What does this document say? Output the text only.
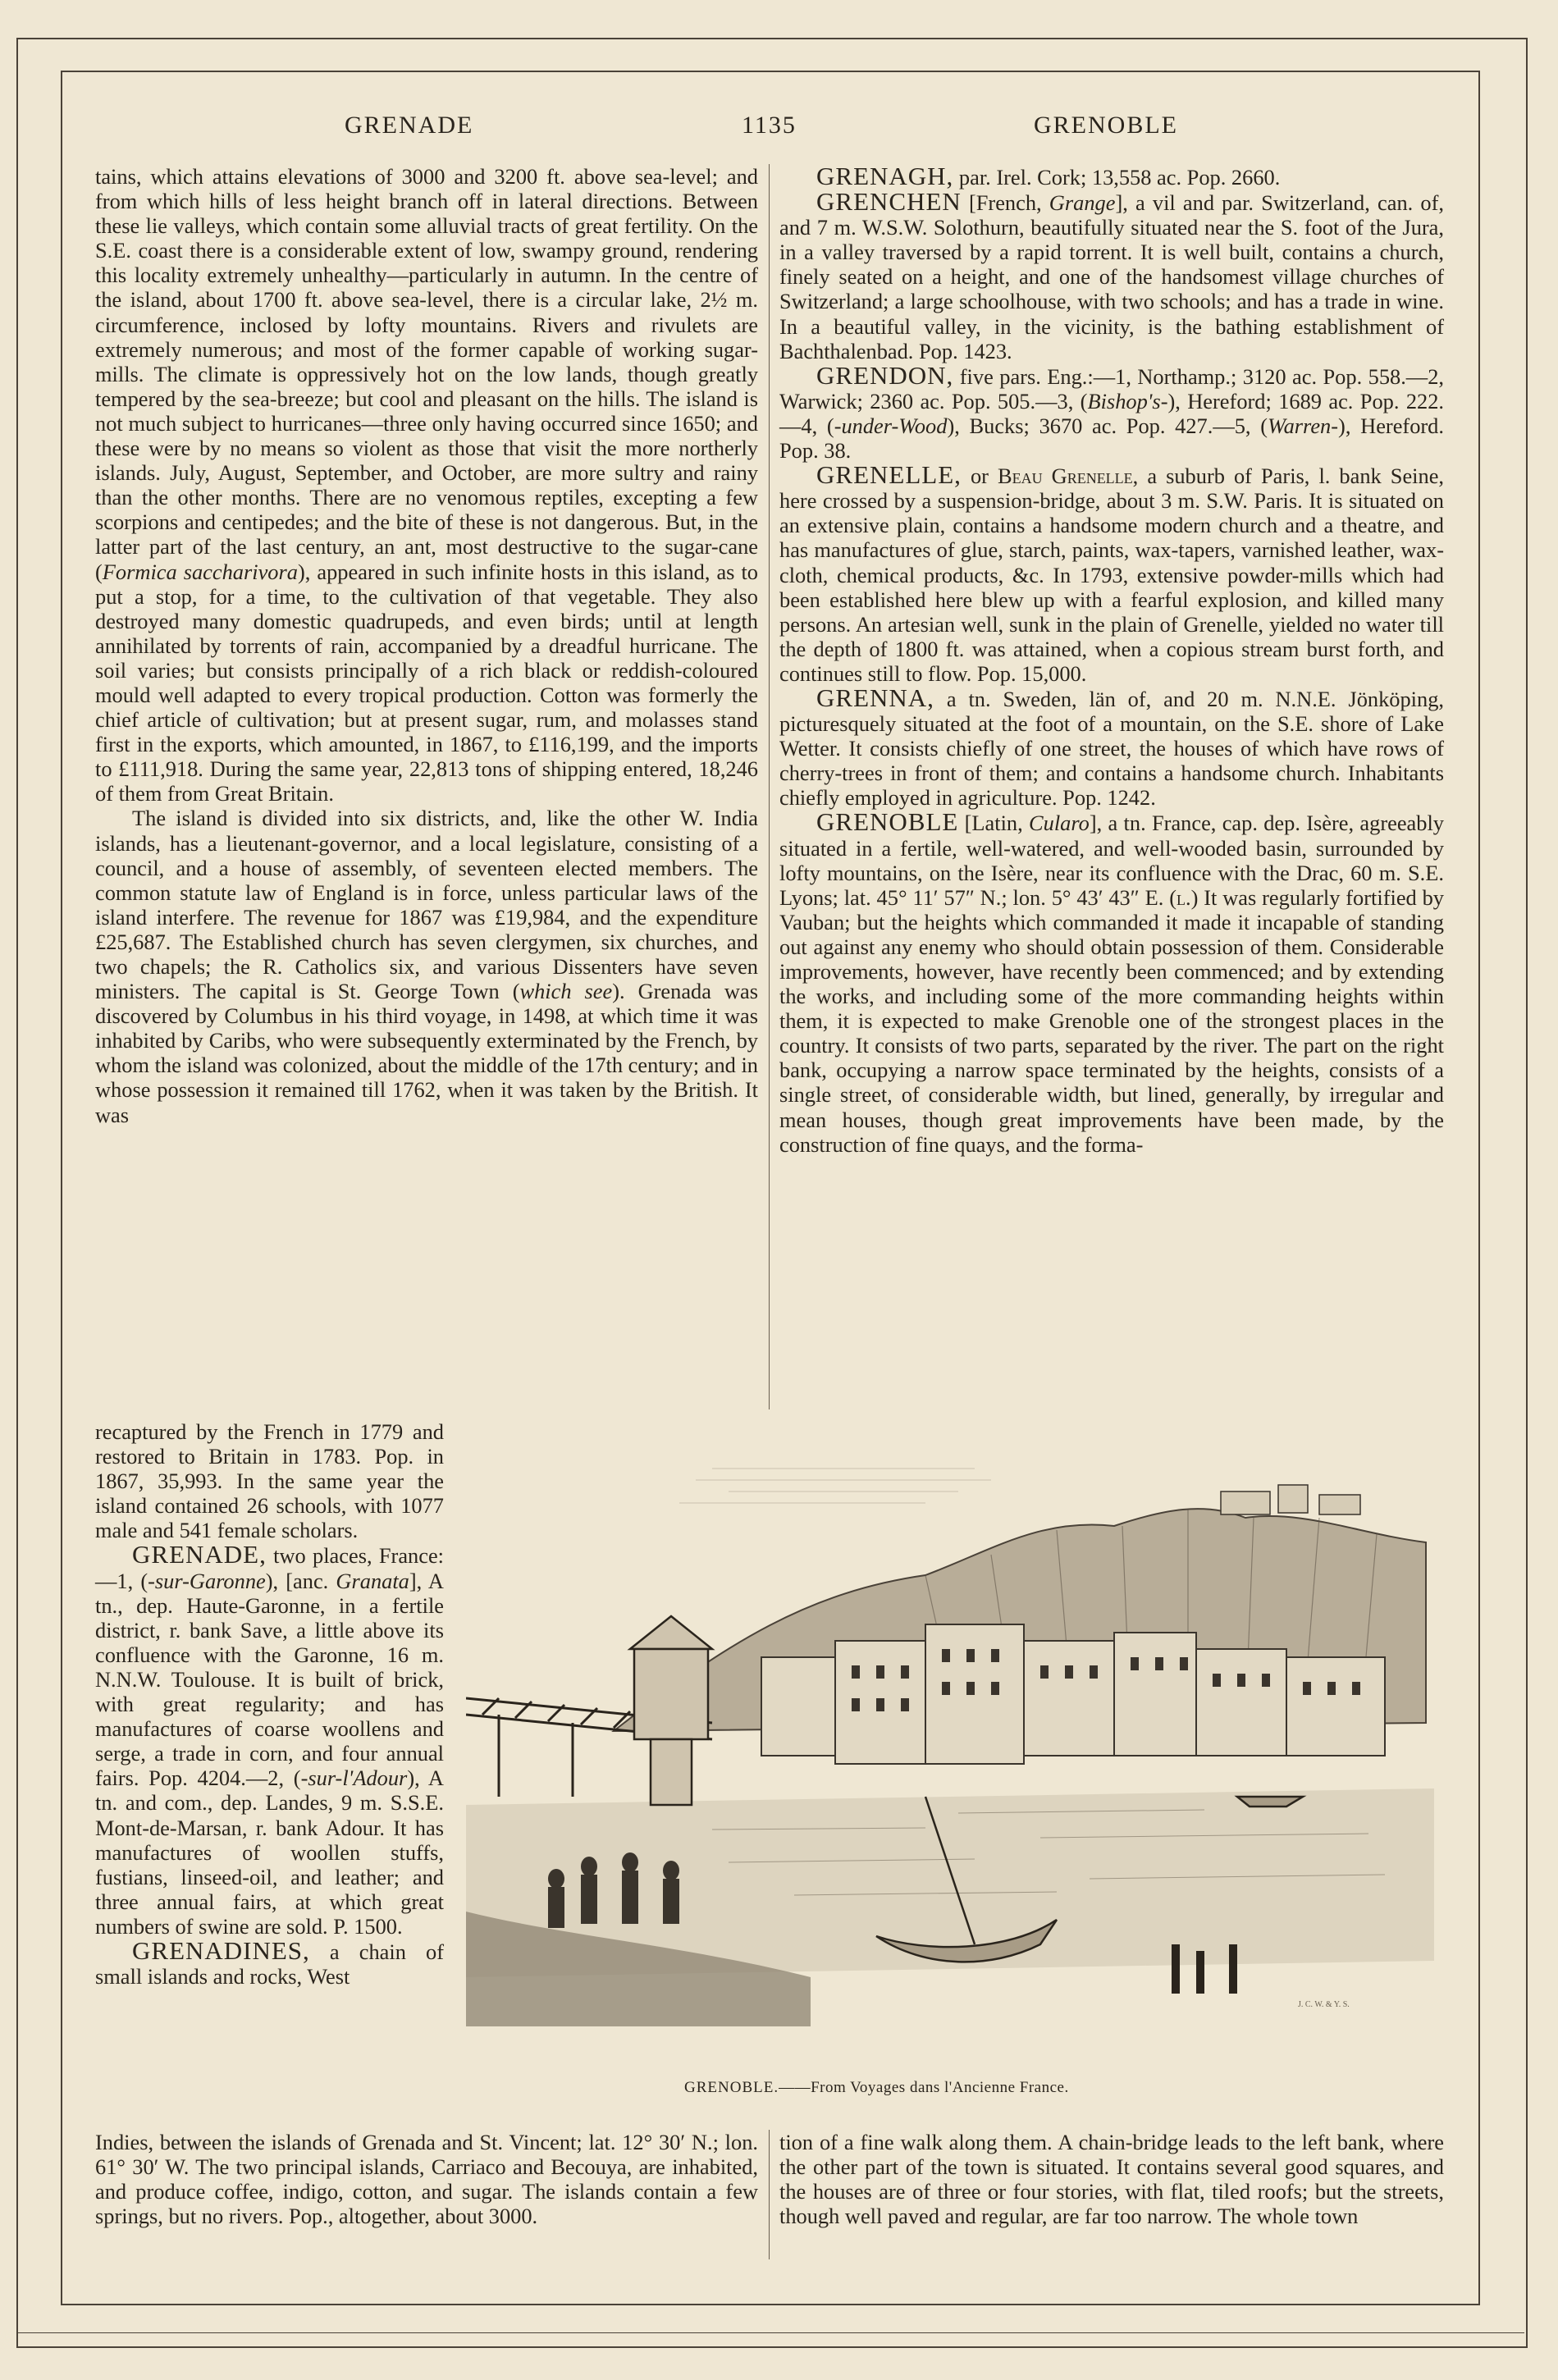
GRENADE	1135	GRENOBLE

tains, which attains elevations of 3000 and 3200 ft. above sea-level; and from which hills of less height branch off in lateral directions. Between these lie valleys, which contain some alluvial tracts of great fertility. On the S.E. coast there is a considerable extent of low, swampy ground, rendering this locality extremely unhealthy—particularly in autumn. In the centre of the island, about 1700 ft. above sea-level, there is a circular lake, 2½ m. circumference, inclosed by lofty mountains. Rivers and rivulets are extremely numerous; and most of the former capable of working sugar-mills. The climate is oppressively hot on the low lands, though greatly tempered by the sea-breeze; but cool and pleasant on the hills. The island is not much subject to hurricanes—three only having occurred since 1650; and these were by no means so violent as those that visit the more northerly islands. July, August, September, and October, are more sultry and rainy than the other months. There are no venomous reptiles, excepting a few scorpions and centipedes; and the bite of these is not dangerous. But, in the latter part of the last century, an ant, most destructive to the sugar-cane (Formica saccharivora), appeared in such infinite hosts in this island, as to put a stop, for a time, to the cultivation of that vegetable. They also destroyed many domestic quadrupeds, and even birds; until at length annihilated by torrents of rain, accompanied by a dreadful hurricane. The soil varies; but consists principally of a rich black or reddish-coloured mould well adapted to every tropical production. Cotton was formerly the chief article of cultivation; but at present sugar, rum, and molasses stand first in the exports, which amounted, in 1867, to £116,199, and the imports to £111,918. During the same year, 22,813 tons of shipping entered, 18,246 of them from Great Britain.

The island is divided into six districts, and, like the other W. India islands, has a lieutenant-governor, and a local legislature, consisting of a council, and a house of assembly, of seventeen elected members. The common statute law of England is in force, unless particular laws of the island interfere. The revenue for 1867 was £19,984, and the expenditure £25,687. The Established church has seven clergymen, six churches, and two chapels; the R. Catholics six, and various Dissenters have seven ministers. The capital is St. George Town (which see). Grenada was discovered by Columbus in his third voyage, in 1498, at which time it was inhabited by Caribs, who were subsequently exterminated by the French, by whom the island was colonized, about the middle of the 17th century; and in whose possession it remained till 1762, when it was taken by the British. It was

recaptured by the French in 1779 and restored to Britain in 1783. Pop. in 1867, 35,993. In the same year the island contained 26 schools, with 1077 male and 541 female scholars.

GRENADE, two places, France:—1, (-sur-Garonne), [anc. Granata], A tn., dep. Haute-Garonne, in a fertile district, r. bank Save, a little above its confluence with the Garonne, 16 m. N.N.W. Toulouse. It is built of brick, with great regularity; and has manufactures of coarse woollens and serge, a trade in corn, and four annual fairs. Pop. 4204.—2, (-sur-l'Adour), A tn. and com., dep. Landes, 9 m. S.S.E. Mont-de-Marsan, r. bank Adour. It has manufactures of woollen stuffs, fustians, linseed-oil, and leather; and three annual fairs, at which great numbers of swine are sold. P. 1500.

GRENADINES, a chain of small islands and rocks, West

Indies, between the islands of Grenada and St. Vincent; lat. 12° 30′ N.; lon. 61° 30′ W. The two principal islands, Carriaco and Becouya, are inhabited, and produce coffee, indigo, cotton, and sugar. The islands contain a few springs, but no rivers. Pop., altogether, about 3000.

GRENAGH, par. Irel. Cork; 13,558 ac. Pop. 2660.

GRENCHEN [French, Grange], a vil and par. Switzerland, can. of, and 7 m. W.S.W. Solothurn, beautifully situated near the S. foot of the Jura, in a valley traversed by a rapid torrent. It is well built, contains a church, finely seated on a height, and one of the handsomest village churches of Switzerland; a large schoolhouse, with two schools; and has a trade in wine. In a beautiful valley, in the vicinity, is the bathing establishment of Bachthalenbad. Pop. 1423.

GRENDON, five pars. Eng.:—1, Northamp.; 3120 ac. Pop. 558.—2, Warwick; 2360 ac. Pop. 505.—3, (Bishop's-), Hereford; 1689 ac. Pop. 222.—4, (-under-Wood), Bucks; 3670 ac. Pop. 427.—5, (Warren-), Hereford. Pop. 38.

GRENELLE, or Beau Grenelle, a suburb of Paris, l. bank Seine, here crossed by a suspension-bridge, about 3 m. S.W. Paris. It is situated on an extensive plain, contains a handsome modern church and a theatre, and has manufactures of glue, starch, paints, wax-tapers, varnished leather, wax-cloth, chemical products, &c. In 1793, extensive powder-mills which had been established here blew up with a fearful explosion, and killed many persons. An artesian well, sunk in the plain of Grenelle, yielded no water till the depth of 1800 ft. was attained, when a copious stream burst forth, and continues still to flow. Pop. 15,000.

GRENNA, a tn. Sweden, län of, and 20 m. N.N.E. Jönköping, picturesquely situated at the foot of a mountain, on the S.E. shore of Lake Wetter. It consists chiefly of one street, the houses of which have rows of cherry-trees in front of them; and contains a handsome church. Inhabitants chiefly employed in agriculture. Pop. 1242.

GRENOBLE [Latin, Cularo], a tn. France, cap. dep. Isère, agreeably situated in a fertile, well-watered, and well-wooded basin, surrounded by lofty mountains, on the Isère, near its confluence with the Drac, 60 m. S.E. Lyons; lat. 45° 11′ 57″ N.; lon. 5° 43′ 43″ E. (l.) It was regularly fortified by Vauban; but the heights which commanded it made it incapable of standing out against any enemy who should obtain possession of them. Considerable improvements, however, have recently been commenced; and by extending the works, and including some of the more commanding heights within them, it is expected to make Grenoble one of the strongest places in the country. It consists of two parts, separated by the river. The part on the right bank, occupying a narrow space terminated by the heights, consists of a single street, of considerable width, but lined, generally, by irregular and mean houses, though great improvements have been made, by the construction of fine quays, and the forma-

tion of a fine walk along them. A chain-bridge leads to the left bank, where the other part of the town is situated. It contains several good squares, and the houses are of three or four stories, with flat, tiled roofs; but the streets, though well paved and regular, are far too narrow. The whole town

J. C. W. & Y. S.
GRENOBLE.——From Voyages dans l'Ancienne France.
